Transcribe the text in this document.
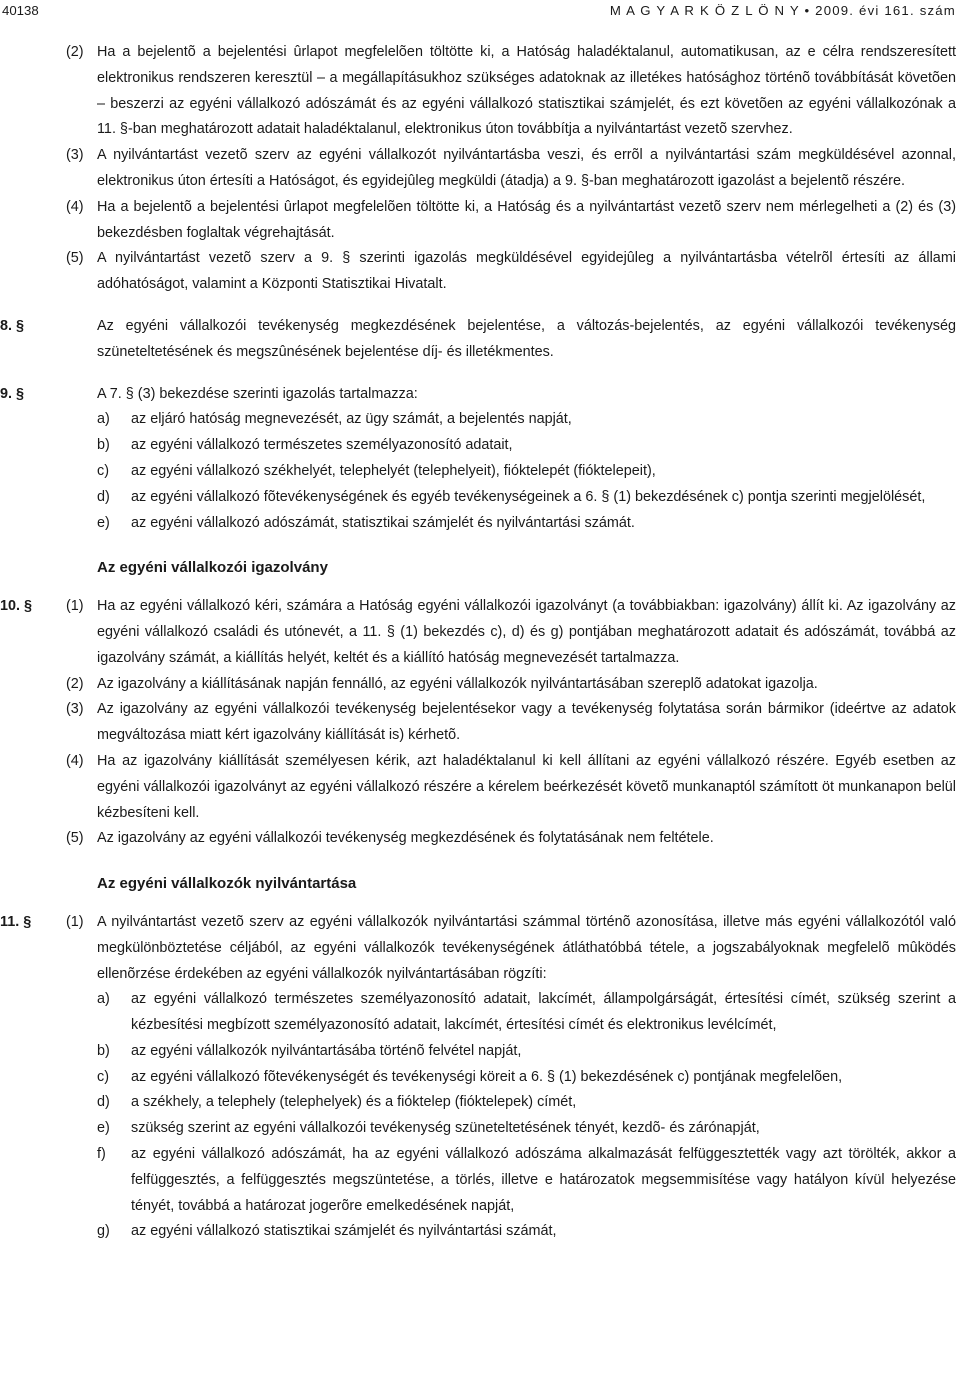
40138	M A G Y A R K Ö Z L Ö N Y • 2009. évi 161. szám
(2) Ha a bejelentõ a bejelentési ûrlapot megfelelõen töltötte ki, a Hatóság haladéktalanul, automatikusan, az e célra rendszeresített elektronikus rendszeren keresztül – a megállapításukhoz szükséges adatoknak az illetékes hatósághoz történõ továbbítását követõen – beszerzi az egyéni vállalkozó adószámát és az egyéni vállalkozó statisztikai számjelét, és ezt követõen az egyéni vállalkozónak a 11. §-ban meghatározott adatait haladéktalanul, elektronikus úton továbbítja a nyilvántartást vezetõ szervhez.
(3) A nyilvántartást vezetõ szerv az egyéni vállalkozót nyilvántartásba veszi, és errõl a nyilvántartási szám megküldésével azonnal, elektronikus úton értesíti a Hatóságot, és egyidejûleg megküldi (átadja) a 9. §-ban meghatározott igazolást a bejelentõ részére.
(4) Ha a bejelentõ a bejelentési ûrlapot megfelelõen töltötte ki, a Hatóság és a nyilvántartást vezetõ szerv nem mérlegelheti a (2) és (3) bekezdésben foglaltak végrehajtását.
(5) A nyilvántartást vezetõ szerv a 9. § szerinti igazolás megküldésével egyidejûleg a nyilvántartásba vételrõl értesíti az állami adóhatóságot, valamint a Központi Statisztikai Hivatalt.
8. §	Az egyéni vállalkozói tevékenység megkezdésének bejelentése, a változás-bejelentés, az egyéni vállalkozói tevékenység szüneteltetésének és megszûnésének bejelentése díj- és illetékmentes.
9. §	A 7. § (3) bekezdése szerinti igazolás tartalmazza:
a) az eljáró hatóság megnevezését, az ügy számát, a bejelentés napját,
b) az egyéni vállalkozó természetes személyazonosító adatait,
c) az egyéni vállalkozó székhelyét, telephelyét (telephelyeit), fióktelepét (fióktelepeit),
d) az egyéni vállalkozó fõtevékenységének és egyéb tevékenységeinek a 6. § (1) bekezdésének c) pontja szerinti megjelölését,
e) az egyéni vállalkozó adószámát, statisztikai számjelét és nyilvántartási számát.
Az egyéni vállalkozói igazolvány
10. § (1) Ha az egyéni vállalkozó kéri, számára a Hatóság egyéni vállalkozói igazolványt (a továbbiakban: igazolvány) állít ki. Az igazolvány az egyéni vállalkozó családi és utónevét, a 11. § (1) bekezdés c), d) és g) pontjában meghatározott adatait és adószámát, továbbá az igazolvány számát, a kiállítás helyét, keltét és a kiállító hatóság megnevezését tartalmazza.
(2) Az igazolvány a kiállításának napján fennálló, az egyéni vállalkozók nyilvántartásában szereplõ adatokat igazolja.
(3) Az igazolvány az egyéni vállalkozói tevékenység bejelentésekor vagy a tevékenység folytatása során bármikor (ideértve az adatok megváltozása miatt kért igazolvány kiállítását is) kérhetõ.
(4) Ha az igazolvány kiállítását személyesen kérik, azt haladéktalanul ki kell állítani az egyéni vállalkozó részére. Egyéb esetben az egyéni vállalkozói igazolványt az egyéni vállalkozó részére a kérelem beérkezését követõ munkanaptól számított öt munkanapon belül kézbesíteni kell.
(5) Az igazolvány az egyéni vállalkozói tevékenység megkezdésének és folytatásának nem feltétele.
Az egyéni vállalkozók nyilvántartása
11. § (1) A nyilvántartást vezetõ szerv az egyéni vállalkozók nyilvántartási számmal történõ azonosítása, illetve más egyéni vállalkozótól való megkülönböztetése céljából, az egyéni vállalkozók tevékenységének átláthatóbbá tétele, a jogszabályoknak megfelelõ mûködés ellenõrzése érdekében az egyéni vállalkozók nyilvántartásában rögzíti:
a) az egyéni vállalkozó természetes személyazonosító adatait, lakcímét, állampolgárságát, értesítési címét, szükség szerint a kézbesítési megbízott személyazonosító adatait, lakcímét, értesítési címét és elektronikus levélcímét,
b) az egyéni vállalkozók nyilvántartásába történõ felvétel napját,
c) az egyéni vállalkozó fõtevékenységét és tevékenységi köreit a 6. § (1) bekezdésének c) pontjának megfelelõen,
d) a székhely, a telephely (telephelyek) és a fióktelep (fióktelepek) címét,
e) szükség szerint az egyéni vállalkozói tevékenység szüneteltetésének tényét, kezdõ- és zárónapját,
f) az egyéni vállalkozó adószámát, ha az egyéni vállalkozó adószáma alkalmazását felfüggesztették vagy azt törölték, akkor a felfüggesztés, a felfüggesztés megszüntetése, a törlés, illetve e határozatok megsemmisítése vagy hatályon kívül helyezése tényét, továbbá a határozat jogerõre emelkedésének napját,
g) az egyéni vállalkozó statisztikai számjelét és nyilvántartási számát,
